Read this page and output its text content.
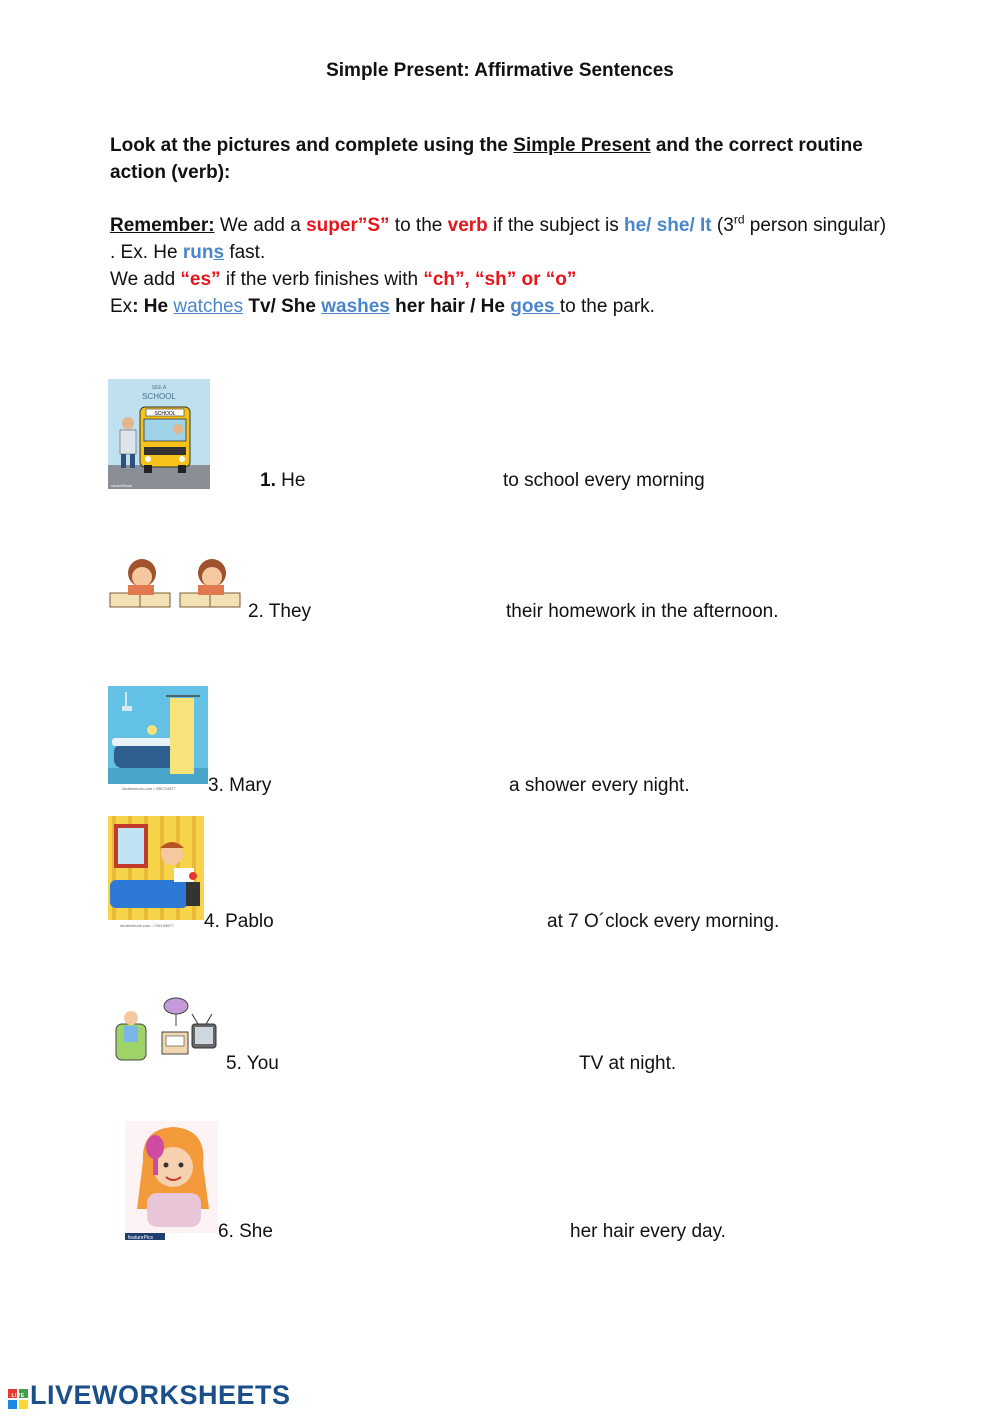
Simple Present: Affirmative Sentences
Look at the pictures and complete using the Simple Present and the correct routine action (verb):
Remember: We add a super”S” to the verb if the subject is he/ she/ It (3rd person singular) . Ex. He runs fast.
We add “es” if the verb finishes with “ch”, “sh” or “o”
Ex: He watches Tv/ She washes her hair / He goes to the park.
SEE A
SCHOOL
SCHOOL
vectorStock	1. He	to school every morning
2. They	their homework in the afternoon.
shutterstock.com • 396724877 3. Mary	a shower every night.
shutterstock.com • 728149677 4. Pablo	at 7 O´clock every morning.
5. You	TV at night.
featurePics	6. She	her hair every day.
LIVE LIVEWORKSHEETS
